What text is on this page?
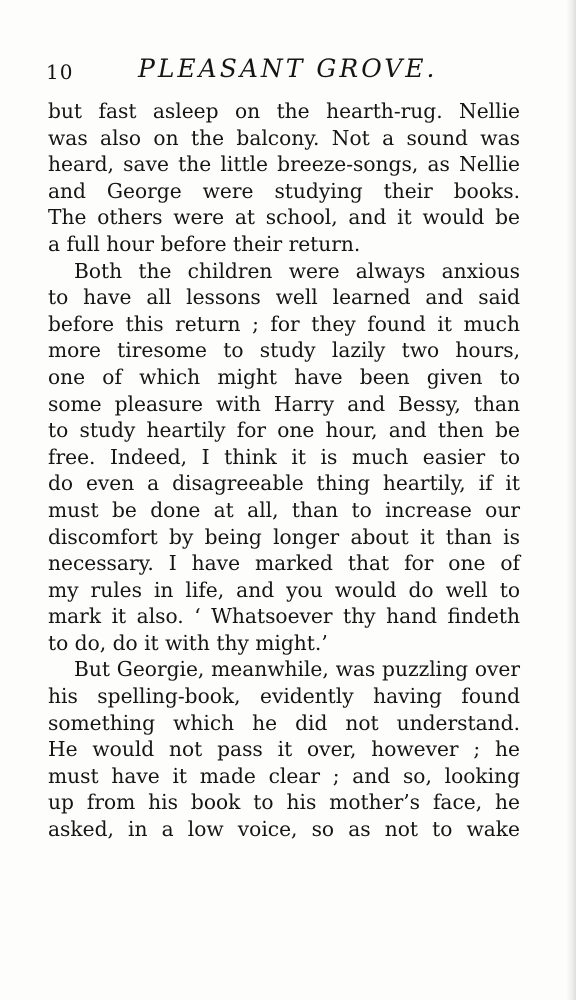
10	PLEASANT GROVE.

but fast asleep on the hearth-rug. Nellie
was also on the balcony. Not a sound was
heard, save the little breeze-songs, as Nellie
and George were studying their books.
The others were at school, and it would be
a full hour before their return.

Both the children were always anxious
to have all lessons well learned and said
before this return ; for they found it much
more tiresome to study lazily two hours,
one of which might have been given to
some pleasure with Harry and Bessy, than
to study heartily for one hour, and then be
free. Indeed, I think it is much easier to
do even a disagreeable thing heartily, if it
must be done at all, than to increase our
discomfort by being longer about it than is
necessary. I have marked that for one of
my rules in life, and you would do well to
mark it also. ‘ Whatsoever thy hand findeth
to do, do it with thy might.’

But Georgie, meanwhile, was puzzling over
his spelling-book, evidently having found
something which he did not understand.
He would not pass it over, however ; he
must have it made clear ; and so, looking
up from his book to his mother’s face, he
asked, in a low voice, so as not to wake
